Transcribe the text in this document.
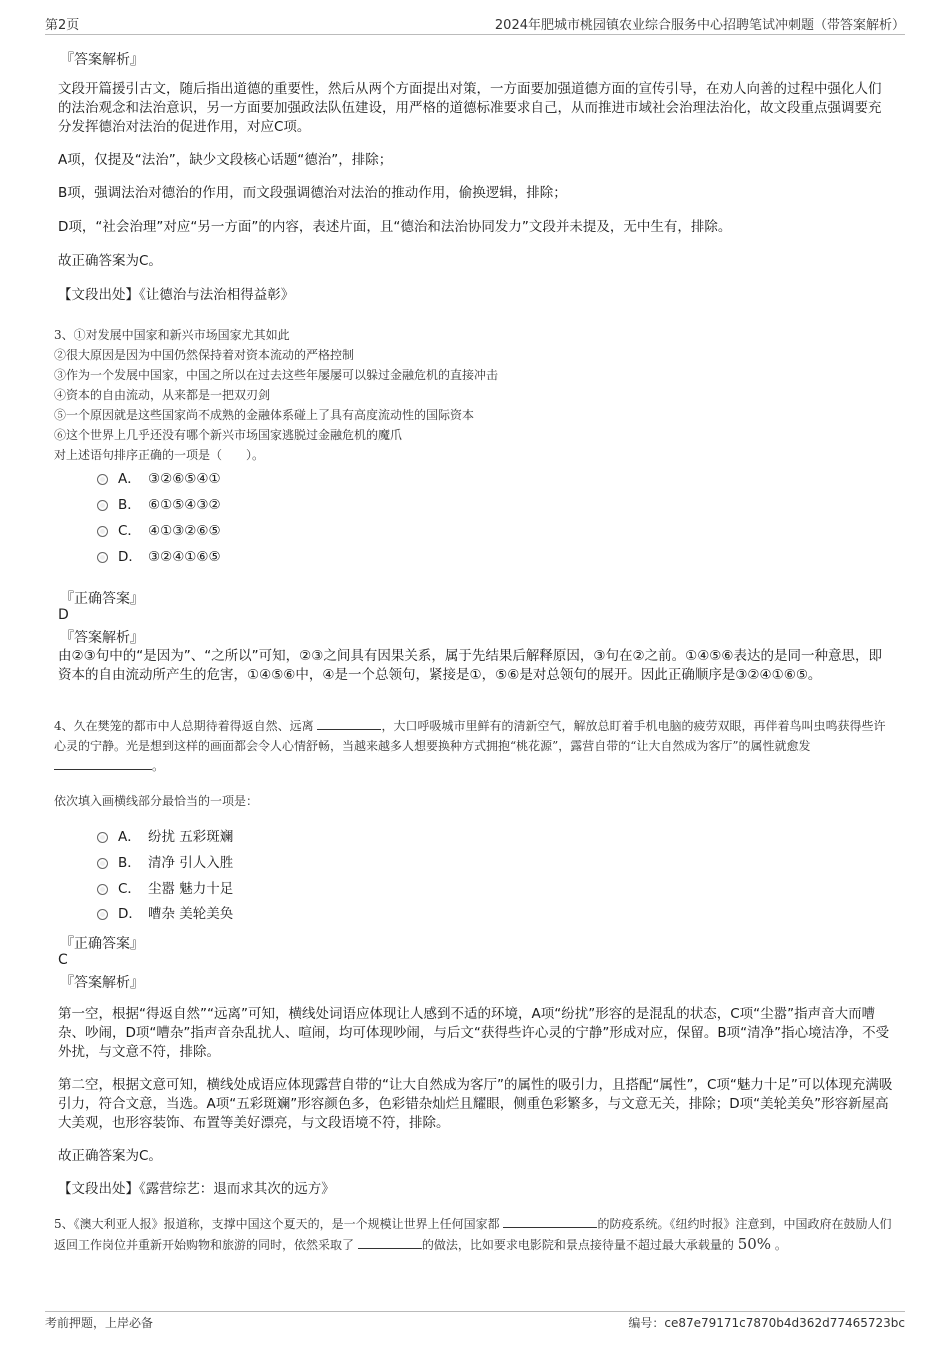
第2页	2024年肥城市桃园镇农业综合服务中心招聘笔试冲刺题（带答案解析）
『答案解析』

文段开篇援引古文，随后指出道德的重要性，然后从两个方面提出对策，一方面要加强道德方面的宣传引导，在劝人向善的过程中强化人们的法治观念和法治意识，另一方面要加强政法队伍建设，用严格的道德标准要求自己，从而推进市域社会治理法治化，故文段重点强调要充分发挥德治对法治的促进作用，对应C项。

A项，仅提及“法治”，缺少文段核心话题“德治”，排除；

B项，强调法治对德治的作用，而文段强调德治对法治的推动作用，偷换逻辑，排除；

D项，“社会治理”对应“另一方面”的内容，表述片面，且“德治和法治协同发力”文段并未提及，无中生有，排除。

故正确答案为C。

【文段出处】《让德治与法治相得益彰》

3、①对发展中国家和新兴市场国家尤其如此
②很大原因是因为中国仍然保持着对资本流动的严格控制
③作为一个发展中国家，中国之所以在过去这些年屡屡可以躲过金融危机的直接冲击
④资本的自由流动，从来都是一把双刃剑
⑤一个原因就是这些国家尚不成熟的金融体系碰上了具有高度流动性的国际资本
⑥这个世界上几乎还没有哪个新兴市场国家逃脱过金融危机的魔爪
对上述语句排序正确的一项是（　　）。
A． ③②⑥⑤④①
B． ⑥①⑤④③②
C． ④①③②⑥⑤
D． ③②④①⑥⑤
『正确答案』
D
『答案解析』

由②③句中的“是因为”、“之所以”可知，②③之间具有因果关系，属于先结果后解释原因，③句在②之前。①④⑤⑥表达的是同一种意思，即资本的自由流动所产生的危害，①④⑤⑥中，④是一个总领句，紧接是①，⑤⑥是对总领句的展开。因此正确顺序是③②④①⑥⑤。

4、久在樊笼的都市中人总期待着得返自然、远离	，大口呼吸城市里鲜有的清新空气，解放总盯着手机电脑的疲劳双眼，再伴着鸟叫虫鸣获得些许心灵的宁静。光是想到这样的画面都会令人心情舒畅，当越来越多人想要换种方式拥抱“桃花源”，露营自带的“让大自然成为客厅”的属性就愈发。

依次填入画横线部分最恰当的一项是：

A． 纷扰 五彩斑斓
B． 清净 引人入胜
C． 尘嚣 魅力十足
D． 嘈杂 美轮美奂
『正确答案』
C
『答案解析』

第一空，根据“得返自然”“远离”可知，横线处词语应体现让人感到不适的环境，A项“纷扰”形容的是混乱的状态，C项“尘嚣”指声音大而嘈杂、吵闹，D项“嘈杂”指声音杂乱扰人、喧闹，均可体现吵闹，与后文“获得些许心灵的宁静”形成对应，保留。B项“清净”指心境洁净，不受外扰，与文意不符，排除。

第二空，根据文意可知，横线处成语应体现露营自带的“让大自然成为客厅”的属性的吸引力，且搭配“属性”，C项“魅力十足”可以体现充满吸引力，符合文意，当选。A项“五彩斑斓”形容颜色多，色彩错杂灿烂且耀眼，侧重色彩繁多，与文意无关，排除；D项“美轮美奂”形容新屋高大美观，也形容装饰、布置等美好漂亮，与文段语境不符，排除。

故正确答案为C。

【文段出处】《露营综艺：退而求其次的远方》

5、《澳大利亚人报》报道称，支撑中国这个夏天的，是一个规模让世界上任何国家都	的防疫系统。《纽约时报》注意到，中国政府在鼓励人们返回工作岗位并重新开始购物和旅游的同时，依然采取了	的做法，比如要求电影院和景点接待量不超过最大承载量的 50% 。

考前押题，上岸必备	编号：ce87e79171c7870b4d362d77465723bc
